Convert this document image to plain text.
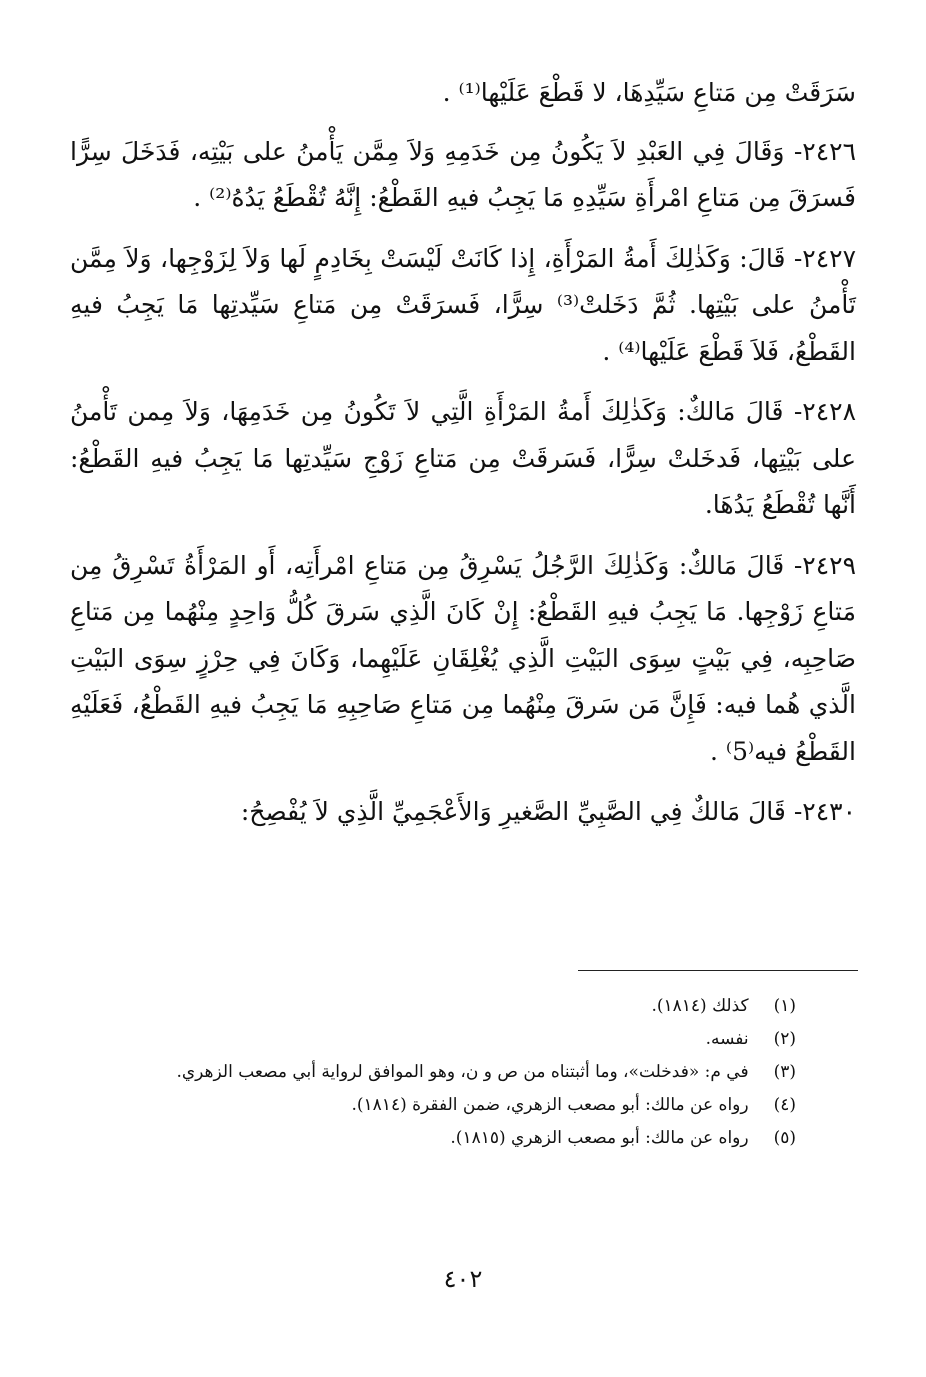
سَرَقَتْ مِن مَتاعِ سَيِّدِهَا، لا قَطْعَ عَلَيْها⁽¹⁾ .

٢٤٢٦- وَقَالَ فِي العَبْدِ لاَ يَكُونُ مِن خَدَمِهِ وَلاَ مِمَّن يَأْمنُ على بَيْتِه، فَدَخَلَ سِرًّا فَسرَقَ مِن مَتاعِ امْرأَةِ سَيِّدِهِ مَا يَجِبُ فيهِ القَطْعُ: إِنَّهُ تُقْطَعُ يَدُهُ⁽²⁾ .

٢٤٢٧- قَالَ: وَكَذٰلِكَ أَمةُ المَرْأَةِ، إِذا كَانَتْ لَيْسَتْ بِخَادِمٍ لَها وَلاَ لِزَوْجِها، وَلاَ مِمَّن تَأْمنُ على بَيْتِها. ثُمَّ دَخَلتْ⁽³⁾ سِرًّا، فَسرَقَتْ مِن مَتاعِ سَيِّدتِها مَا يَجِبُ فيهِ القَطْعُ، فَلاَ قَطْعَ عَلَيْها⁽⁴⁾ .

٢٤٢٨- قَالَ مَالكٌ: وَكَذٰلِكَ أَمةُ المَرْأَةِ الَّتِي لاَ تَكُونُ مِن خَدَمِهَا، وَلاَ مِمن تَأْمنُ على بَيْتِها، فَدخَلتْ سِرًّا، فَسَرقَتْ مِن مَتاعِ زَوْجِ سَيِّدتِها مَا يَجِبُ فيهِ القَطْعُ: أَنَّها تُقْطَعُ يَدُهَا.

٢٤٢٩- قَالَ مَالكٌ: وَكَذٰلِكَ الرَّجُلُ يَسْرِقُ مِن مَتاعِ امْرأَتِه، أَو المَرْأَةُ تَسْرِقُ مِن مَتاعِ زَوْجِها. مَا يَجِبُ فيهِ القَطْعُ: إِنْ كَانَ الَّذِي سَرقَ كُلُّ وَاحِدٍ مِنْهُما مِن مَتاعِ صَاحِبِه، فِي بَيْتٍ سِوَى البَيْتِ الَّذِي يُغْلِقَانِ عَلَيْهِما، وَكَانَ فِي حِرْزٍ سِوَى البَيْتِ الَّذي هُما فيه: فَإِنَّ مَن سَرقَ مِنْهُما مِن مَتاعِ صَاحِبِهِ مَا يَجِبُ فيهِ القَطْعُ، فَعَلَيْهِ القَطْعُ فيه⁽5⁾ .

٢٤٣٠- قَالَ مَالكٌ فِي الصَّبِيِّ الصَّغيرِ وَالأَعْجَمِيِّ الَّذِي لاَ يُفْصِحُ:

(١) كذلك (١٨١٤).

(٢) نفسه.

(٣) في م: «فدخلت»، وما أثبتناه من ص و ن، وهو الموافق لرواية أبي مصعب الزهري.

(٤) رواه عن مالك: أبو مصعب الزهري، ضمن الفقرة (١٨١٤).

(٥) رواه عن مالك: أبو مصعب الزهري (١٨١٥).

٤٠٢
